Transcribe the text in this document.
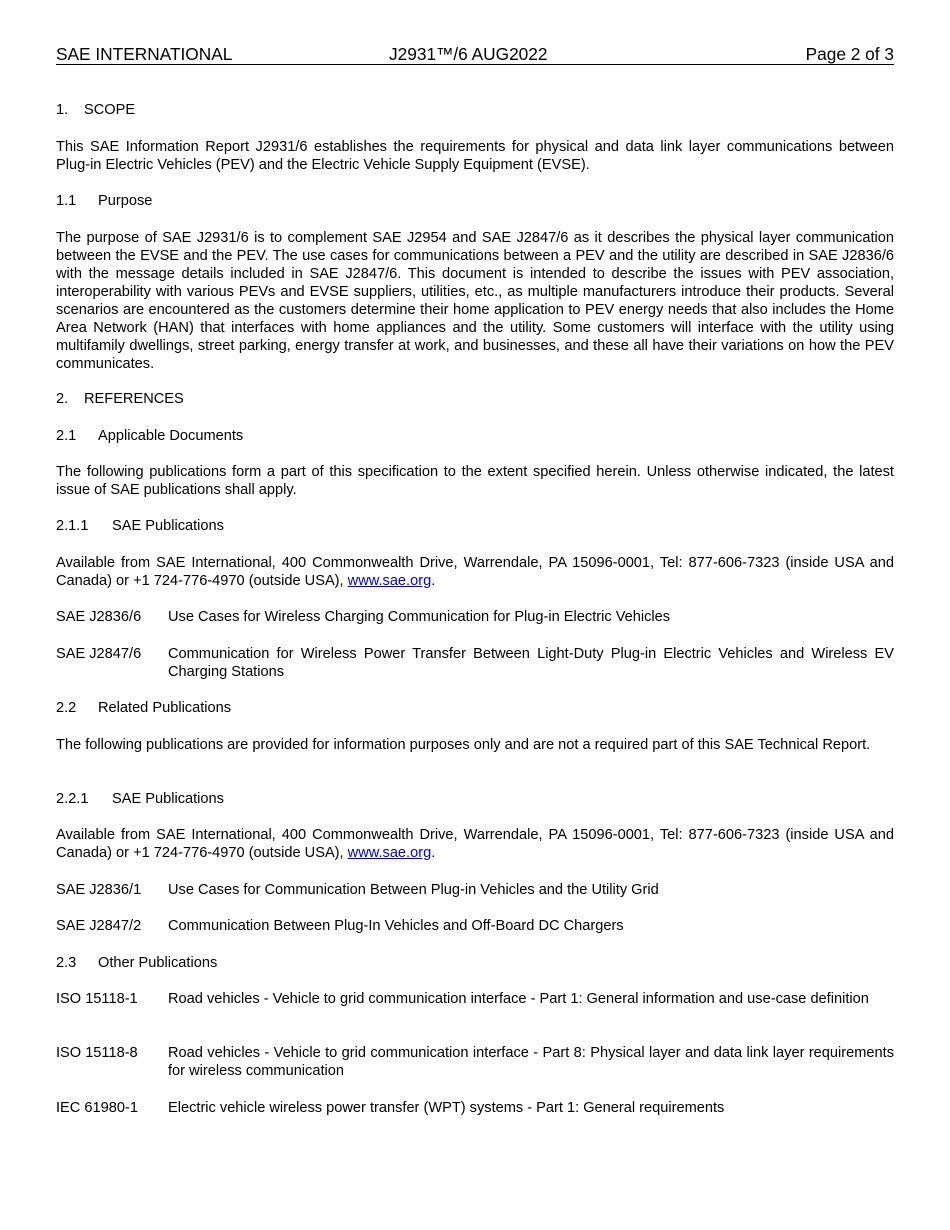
SAE INTERNATIONAL	J2931™/6 AUG2022	Page 2 of 3
1. SCOPE
This SAE Information Report J2931/6 establishes the requirements for physical and data link layer communications between Plug-in Electric Vehicles (PEV) and the Electric Vehicle Supply Equipment (EVSE).
1.1 Purpose
The purpose of SAE J2931/6 is to complement SAE J2954 and SAE J2847/6 as it describes the physical layer communication between the EVSE and the PEV. The use cases for communications between a PEV and the utility are described in SAE J2836/6 with the message details included in SAE J2847/6. This document is intended to describe the issues with PEV association, interoperability with various PEVs and EVSE suppliers, utilities, etc., as multiple manufacturers introduce their products. Several scenarios are encountered as the customers determine their home application to PEV energy needs that also includes the Home Area Network (HAN) that interfaces with home appliances and the utility. Some customers will interface with the utility using multifamily dwellings, street parking, energy transfer at work, and businesses, and these all have their variations on how the PEV communicates.
2. REFERENCES
2.1 Applicable Documents
The following publications form a part of this specification to the extent specified herein. Unless otherwise indicated, the latest issue of SAE publications shall apply.
2.1.1 SAE Publications
Available from SAE International, 400 Commonwealth Drive, Warrendale, PA 15096-0001, Tel: 877-606-7323 (inside USA and Canada) or +1 724-776-4970 (outside USA), www.sae.org.
SAE J2836/6	Use Cases for Wireless Charging Communication for Plug-in Electric Vehicles
SAE J2847/6	Communication for Wireless Power Transfer Between Light-Duty Plug-in Electric Vehicles and Wireless EV Charging Stations
2.2 Related Publications
The following publications are provided for information purposes only and are not a required part of this SAE Technical Report.
2.2.1 SAE Publications
Available from SAE International, 400 Commonwealth Drive, Warrendale, PA 15096-0001, Tel: 877-606-7323 (inside USA and Canada) or +1 724-776-4970 (outside USA), www.sae.org.
SAE J2836/1	Use Cases for Communication Between Plug-in Vehicles and the Utility Grid
SAE J2847/2	Communication Between Plug-In Vehicles and Off-Board DC Chargers
2.3 Other Publications
ISO 15118-1	Road vehicles - Vehicle to grid communication interface - Part 1: General information and use-case definition
ISO 15118-8	Road vehicles - Vehicle to grid communication interface - Part 8: Physical layer and data link layer requirements for wireless communication
IEC 61980-1	Electric vehicle wireless power transfer (WPT) systems - Part 1: General requirements
